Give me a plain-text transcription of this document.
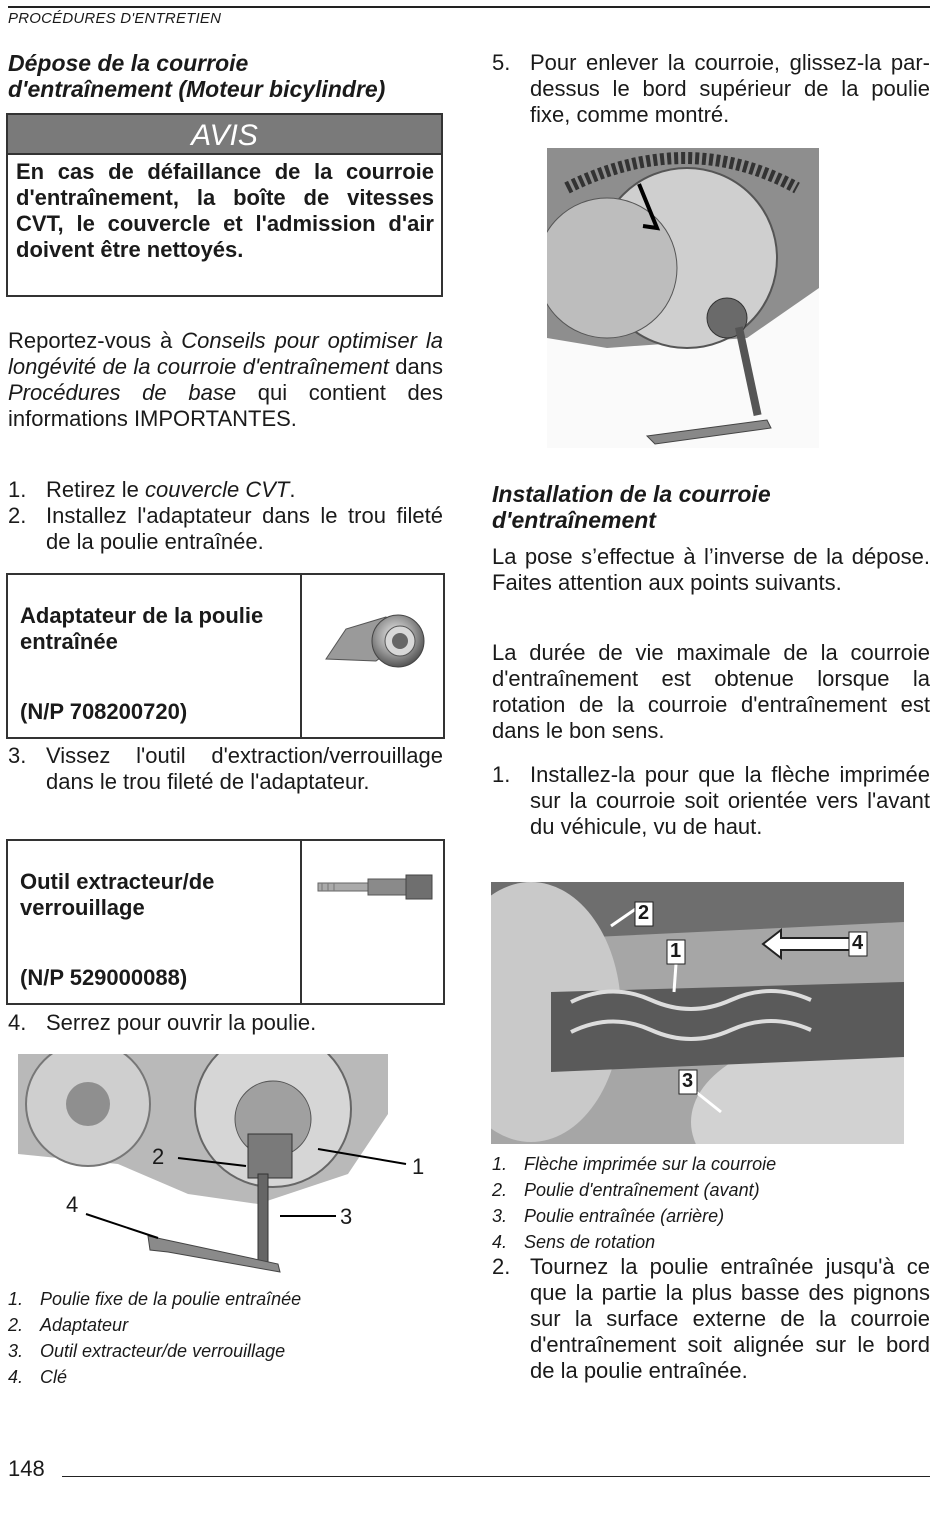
PROCÉDURES D'ENTRETIEN
Dépose de la courroie
d'entraînement (Moteur bicylindre)
AVIS
En cas de défaillance de la courroie d'entraînement, la boîte de vitesses CVT, le couvercle et l'admission d'air doivent être nettoyés.
Reportez-vous à Conseils pour optimiser la longévité de la courroie d'entraînement dans Procédures de base qui contient des informations IMPORTANTES.
1. Retirez le couvercle CVT.
2. Installez l'adaptateur dans le trou fileté de la poulie entraînée.
Adaptateur de la poulie entraînée
(N/P 708200720)
3. Vissez l'outil d'extraction/verrouillage dans le trou fileté de l'adaptateur.
Outil extracteur/de verrouillage
(N/P 529000088)
4. Serrez pour ouvrir la poulie.
2	1
3
4
1. Poulie fixe de la poulie entraînée
2. Adaptateur
3. Outil extracteur/de verrouillage
4. Clé
5. Pour enlever la courroie, glissez-la par-dessus le bord supérieur de la poulie fixe, comme montré.
Installation de la courroie
d'entraînement
La pose s’effectue à l’inverse de la dépose. Faites attention aux points suivants.
La durée de vie maximale de la courroie d'entraînement est obtenue lorsque la rotation de la courroie d'entraînement est dans le bon sens.
1. Installez-la pour que la flèche imprimée sur la courroie soit orientée vers l'avant du véhicule, vu de haut.
2
1
3
4
1. Flèche imprimée sur la courroie
2. Poulie d'entraînement (avant)
3. Poulie entraînée (arrière)
4. Sens de rotation
2. Tournez la poulie entraînée jusqu'à ce que la partie la plus basse des pignons sur la surface externe de la courroie d'entraînement soit alignée sur le bord de la poulie entraînée.
148
